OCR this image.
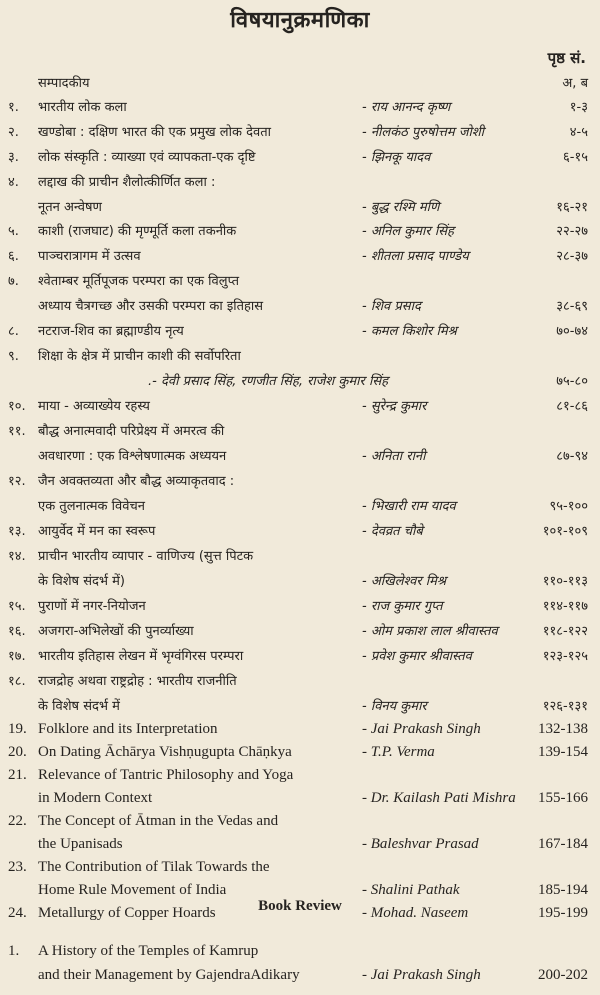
विषयानुक्रमणिका
पृष्ठ सं.
सम्पादकीय	अ, ब
१. भारतीय लोक कला	- राय आनन्द कृष्ण	१-३
२. खण्डोबा : दक्षिण भारत की एक प्रमुख लोक देवता	- नीलकंठ पुरुषोत्तम जोशी	४-५
३. लोक संस्कृति : व्याख्या एवं व्यापकता-एक दृष्टि	- झिनकू यादव	६-१५
४. लद्दाख की प्राचीन शैलोत्कीर्णित कला :
नूतन अन्वेषण	- बुद्ध रश्मि मणि	१६-२१
५. काशी (राजघाट) की मृण्मूर्ति कला तकनीक	- अनिल कुमार सिंह	२२-२७
६. पाञ्चरात्रागम में उत्सव	- शीतला प्रसाद पाण्डेय	२८-३७
७. श्वेताम्बर मूर्तिपूजक परम्परा का एक विलुप्त
अध्याय चैत्रगच्छ और उसकी परम्परा का इतिहास	- शिव प्रसाद	३८-६९
८. नटराज-शिव का ब्रह्माण्डीय नृत्य	- कमल किशोर मिश्र	७०-७४
९. शिक्षा के क्षेत्र में प्राचीन काशी की सर्वोपरिता
.- देवी प्रसाद सिंह, रणजीत सिंह, राजेश कुमार सिंह	७५-८०
१०. माया - अव्याख्येय रहस्य	- सुरेन्द्र कुमार	८१-८६
११. बौद्ध अनात्मवादी परिप्रेक्ष्य में अमरत्व की
अवधारणा : एक विश्लेषणात्मक अध्ययन	- अनिता रानी	८७-९४
१२. जैन अवक्तव्यता और बौद्ध अव्याकृतवाद :
एक तुलनात्मक विवेचन	- भिखारी राम यादव	९५-१००
१३. आयुर्वेद में मन का स्वरूप	- देवव्रत चौबे	१०१-१०९
१४. प्राचीन भारतीय व्यापार - वाणिज्य (सुत्त पिटक
के विशेष संदर्भ में)	- अखिलेश्वर मिश्र	११०-११३
१५. पुराणों में नगर-नियोजन	- राज कुमार गुप्त	११४-११७
१६. अजगरा-अभिलेखों की पुनर्व्याख्या	- ओम प्रकाश लाल श्रीवास्तव	११८-१२२
१७. भारतीय इतिहास लेखन में भृग्वंगिरस परम्परा	- प्रवेश कुमार श्रीवास्तव	१२३-१२५
१८. राजद्रोह अथवा राष्ट्रद्रोह : भारतीय राजनीति
के विशेष संदर्भ में	- विनय कुमार	१२६-१३१
19. Folklore and its Interpretation	- Jai Prakash Singh	132-138
20. On Dating Āchārya Vishṇugupta Chāṇkya	- T.P. Verma	139-154
21. Relevance of Tantric Philosophy and Yoga
in Modern Context	- Dr. Kailash Pati Mishra 155-166
22. The Concept of Ātman in the Vedas and
the Upanisads	- Baleshvar Prasad	167-184
23. The Contribution of Tilak Towards the
Home Rule Movement of India	- Shalini Pathak	185-194
24. Metallurgy of Copper Hoards	- Mohad. Naseem	195-199
Book Review
1. A History of the Temples of Kamrup
and their Management by GajendraAdikary	- Jai Prakash Singh	200-202
